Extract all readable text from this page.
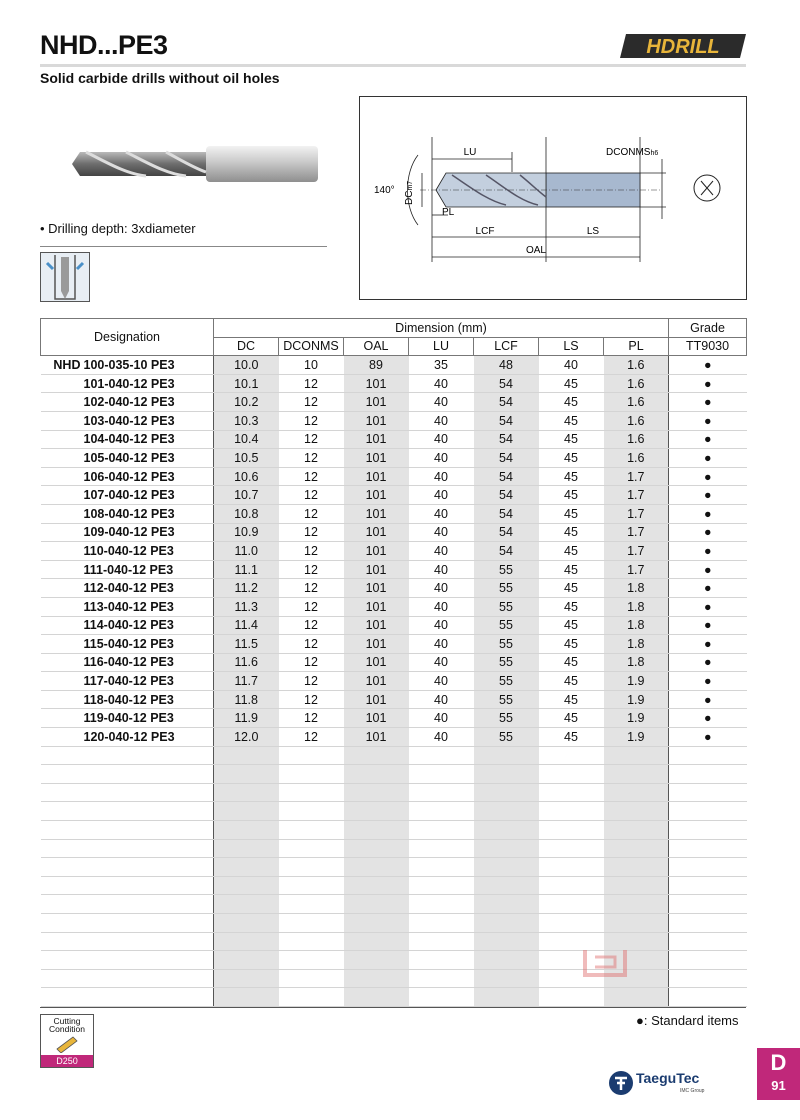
NHD...PE3
Solid carbide drills without oil holes
HDRILL
• Drilling depth: 3xdiameter
LU	DCONMSh6
140°
DCm7
PL
LCF	LS
OAL
Designation	Dimension (mm)							Grade
	DC	DCONMS	OAL	LU	LCF	LS	PL	TT9030
NHD 100-035-10 PE3	10.0	10	89	35	48	40	1.6	●
101-040-12 PE3	10.1	12	101	40	54	45	1.6	●
102-040-12 PE3	10.2	12	101	40	54	45	1.6	●
103-040-12 PE3	10.3	12	101	40	54	45	1.6	●
104-040-12 PE3	10.4	12	101	40	54	45	1.6	●
105-040-12 PE3	10.5	12	101	40	54	45	1.6	●
106-040-12 PE3	10.6	12	101	40	54	45	1.7	●
107-040-12 PE3	10.7	12	101	40	54	45	1.7	●
108-040-12 PE3	10.8	12	101	40	54	45	1.7	●
109-040-12 PE3	10.9	12	101	40	54	45	1.7	●
110-040-12 PE3	11.0	12	101	40	54	45	1.7	●
111-040-12 PE3	11.1	12	101	40	55	45	1.7	●
112-040-12 PE3	11.2	12	101	40	55	45	1.8	●
113-040-12 PE3	11.3	12	101	40	55	45	1.8	●
114-040-12 PE3	11.4	12	101	40	55	45	1.8	●
115-040-12 PE3	11.5	12	101	40	55	45	1.8	●
116-040-12 PE3	11.6	12	101	40	55	45	1.8	●
117-040-12 PE3	11.7	12	101	40	55	45	1.9	●
118-040-12 PE3	11.8	12	101	40	55	45	1.9	●
119-040-12 PE3	11.9	12	101	40	55	45	1.9	●
120-040-12 PE3	12.0	12	101	40	55	45	1.9	●

Cutting Condition
D250
●: Standard items
TaeguTec
IMC Group
D
91
